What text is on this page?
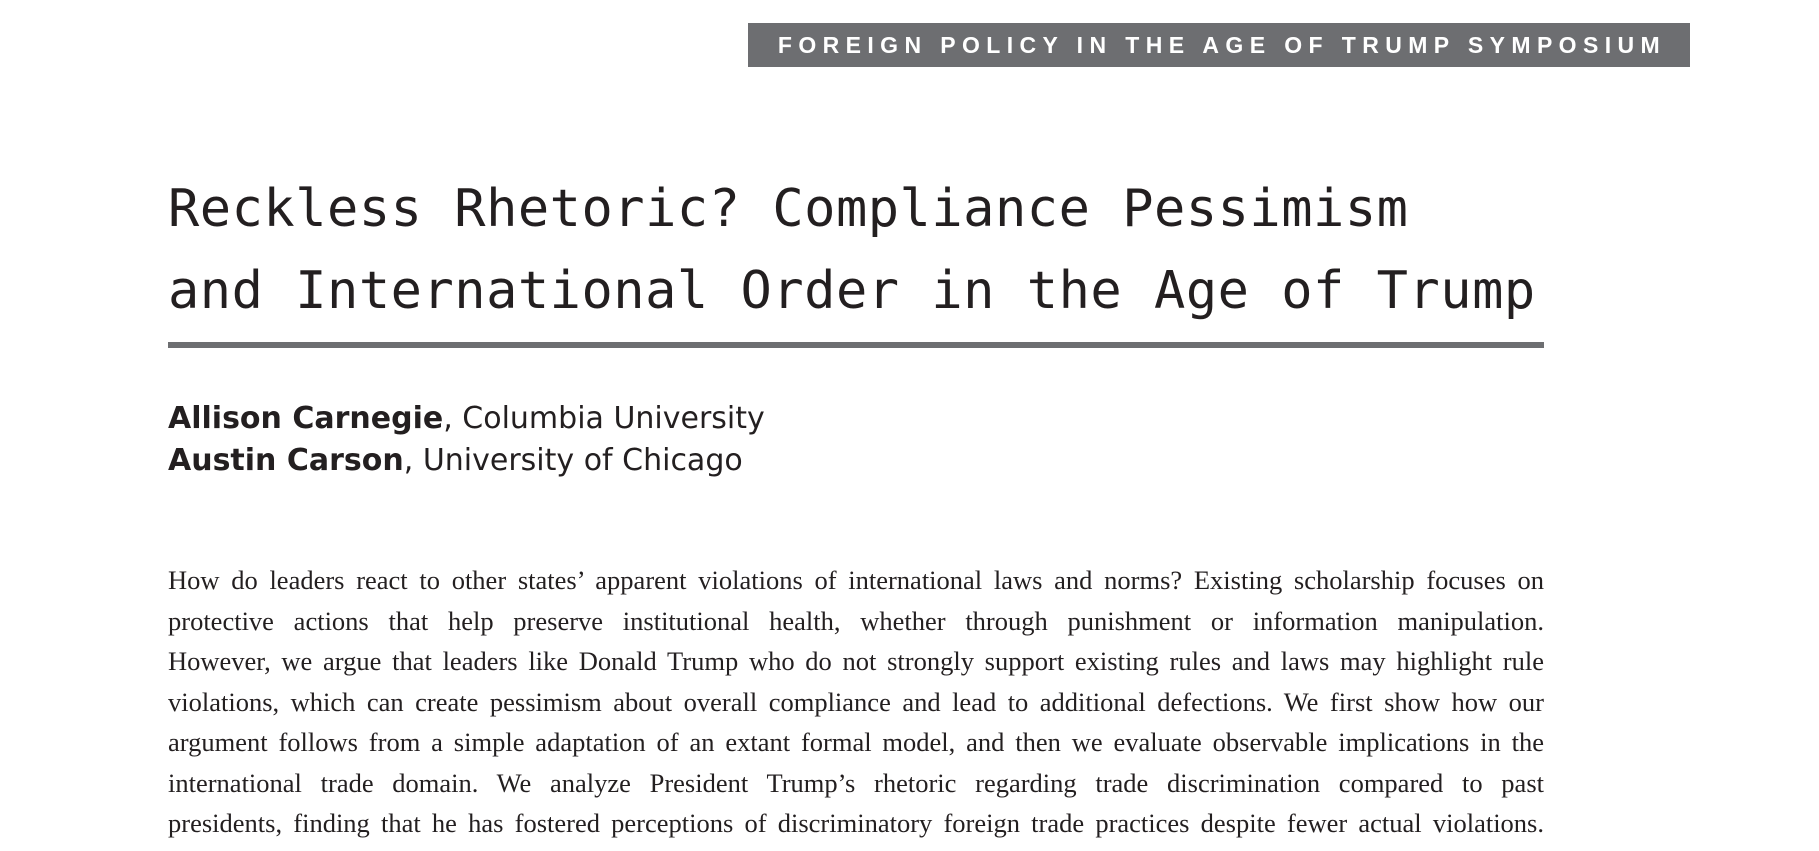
FOREIGN POLICY IN THE AGE OF TRUMP SYMPOSIUM
Reckless Rhetoric? Compliance Pessimism
and International Order in the Age of Trump
Allison Carnegie, Columbia University
Austin Carson, University of Chicago
How do leaders react to other states’ apparent violations of international laws and norms? Existing scholarship focuses on
protective actions that help preserve institutional health, whether through punishment or information manipulation.
However, we argue that leaders like Donald Trump who do not strongly support existing rules and laws may highlight rule
violations, which can create pessimism about overall compliance and lead to additional defections. We first show how our
argument follows from a simple adaptation of an extant formal model, and then we evaluate observable implications in the
international trade domain. We analyze President Trump’s rhetoric regarding trade discrimination compared to past
presidents, finding that he has fostered perceptions of discriminatory foreign trade practices despite fewer actual violations.
